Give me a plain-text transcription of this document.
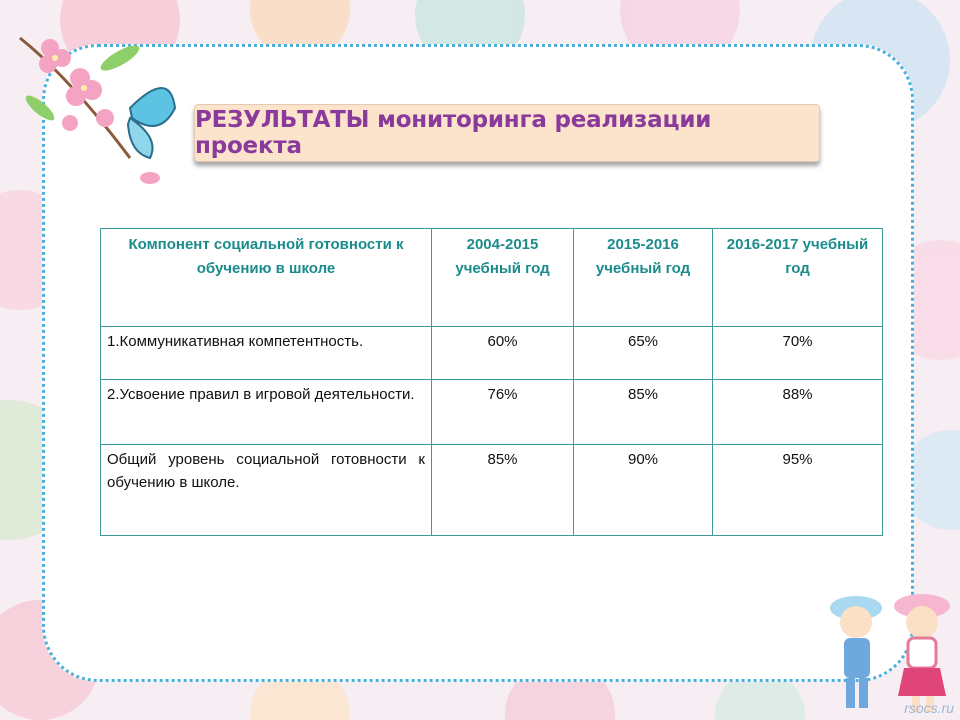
РЕЗУЛЬТАТЫ мониторинга реализации проекта
Компонент социальной готовности к обучению в школе	2004-2015 учебный год	2015-2016 учебный год	2016-2017 учебный год
1.Коммуникативная компетентность.	60%	65%	70%
2.Усвоение правил в игровой деятельности.	76%	85%	88%
Общий уровень социальной готовности к обучению в школе.	85%	90%	95%
rsocs.ru
